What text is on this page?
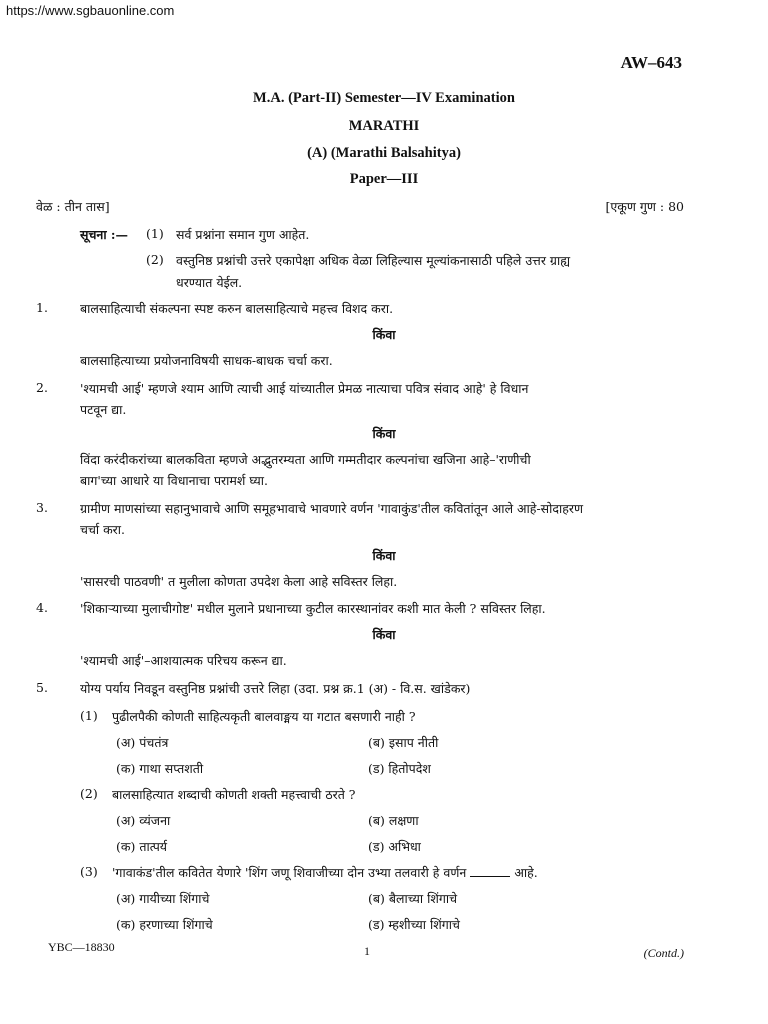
https://www.sgbauonline.com
AW–643
M.A. (Part-II) Semester—IV Examination
MARATHI
(A) (Marathi Balsahitya)
Paper—III
वेळ : तीन तास]	[एकूण गुण : 80
सूचना :— (1) सर्व प्रश्नांना समान गुण आहेत.
(2) वस्तुनिष्ठ प्रश्नांची उत्तरे एकापेक्षा अधिक वेळा लिहिल्यास मूल्यांकनासाठी पहिले उत्तर ग्राह्य
धरण्यात येईल.
1.	बालसाहित्याची संकल्पना स्पष्ट करुन बालसाहित्याचे महत्त्व विशद करा.
किंवा
बालसाहित्याच्या प्रयोजनाविषयी साधक-बाधक चर्चा करा.
2.	'श्यामची आई' म्हणजे श्याम आणि त्याची आई यांच्यातील प्रेमळ नात्याचा पवित्र संवाद आहे' हे विधान
पटवून द्या.
किंवा
विंदा करंदीकरांच्या बालकविता म्हणजे अद्भुतरम्यता आणि गम्मतीदार कल्पनांचा खजिना आहे–'राणीची
बाग'च्या आधारे या विधानाचा परामर्श घ्या.
3.	ग्रामीण माणसांच्या सहानुभावाचे आणि समूहभावाचे भावणारे वर्णन 'गावाकुंड'तील कवितांतून आले आहे-सोदाहरण
चर्चा करा.
किंवा
'सासरची पाठवणी' त मुलीला कोणता उपदेश केला आहे सविस्तर लिहा.
4.	'शिकाऱ्याच्या मुलाचीगोष्ट' मधील मुलाने प्रधानाच्या कुटील कारस्थानांवर कशी मात केली ? सविस्तर लिहा.
किंवा
'श्यामची आई'–आशयात्मक परिचय करून द्या.
5.	योग्य पर्याय निवडून वस्तुनिष्ठ प्रश्नांची उत्तरे लिहा (उदा. प्रश्न क्र.1 (अ) - वि.स. खांडेकर)
(1) पुढीलपैकी कोणती साहित्यकृती बालवाङ्मय या गटात बसणारी नाही ?
(अ) पंचतंत्र	(ब) इसाप नीती
(क) गाथा सप्तशती	(ड) हितोपदेश
(2) बालसाहित्यात शब्दाची कोणती शक्ती महत्त्वाची ठरते ?
(अ) व्यंजना	(ब) लक्षणा
(क) तात्पर्य	(ड) अभिधा
(3) 'गावाकंड'तील कवितेत येणारे 'शिंग जणू शिवाजीच्या दोन उभ्या तलवारी हे वर्णन	आहे.
(अ) गायीच्या शिंगाचे	(ब) बैलाच्या शिंगाचे
(क) हरणाच्या शिंगाचे	(ड) म्हशीच्या शिंगाचे
YBC—18830	1	(Contd.)
